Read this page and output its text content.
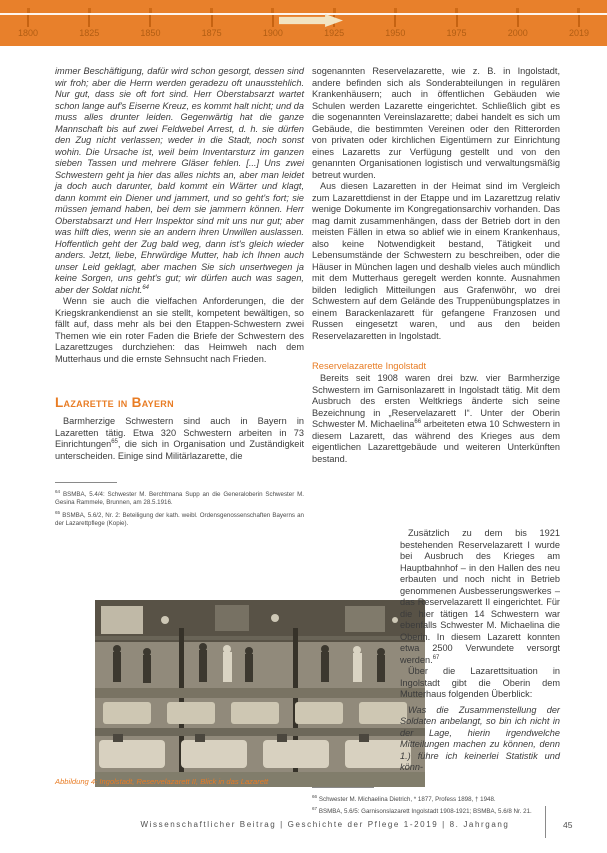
1800	1825	1850	1875	1900	1925	1950	1975	2000	2019

immer Beschäftigung, dafür wird schon gesorgt, dessen sind wir froh; aber die Herrn werden geradezu oft unausstehlich. Nur gut, dass sie oft fort sind. Herr Oberstabsarzt wartet schon lange auf's Eiserne Kreuz, es kommt halt nicht; und da muss alles drunter leiden. Gegenwärtig hat die ganze Mannschaft bis auf zwei Feldwebel Arrest, d. h. sie dürfen den Zug nicht verlassen; weder in die Stadt, noch sonst wohin. Die Ursache ist, weil beim Inventarsturz im ganzen sieben Tassen und mehrere Gläser fehlen. [...] Uns zwei Schwestern geht ja hier das alles nichts an, aber man leidet ja doch auch darunter, bald kommt ein Wärter und klagt, dann kommt ein Diener und jammert, und so geht's fort; sie müssen jemand haben, bei dem sie jammern können. Herr Oberstabsarzt und Herr Inspektor sind mit uns nur gut; aber was hilft dies, wenn sie an andern ihren Unwillen auslassen. Hoffentlich geht der Zug bald weg, dann ist's gleich wieder anders. Jetzt, liebe, Ehrwürdige Mutter, hab ich Ihnen auch unser Leid geklagt, aber machen Sie sich unsertwegen ja keine Sorgen, uns geht's gut; wir dürfen auch was sagen, aber der Soldat nicht.$^{64}$

Wenn sie auch die vielfachen Anforderungen, die der Kriegskrankendienst an sie stellt, kompetent bewältigen, so fällt auf, dass mehr als bei den Etappen-Schwestern zwei Themen wie ein roter Faden die Briefe der Schwestern des Lazarettzuges durchziehen: das Heimweh nach dem Mutterhaus und die ernste Sehnsucht nach Frieden.

Lazarette in Bayern

Barmherzige Schwestern sind auch in Bayern in Lazaretten tätig. Etwa 320 Schwestern arbeiten in 73 Einrichtungen$^{65}$, die sich in Organisation und Zuständigkeit unterscheiden. Einige sind Militärlazarette, die

$^{64}$ BSMBA, 5.4/4: Schwester M. Berchtmana Supp an die Generaloberin Schwester M. Gesina Rammele, Brunnen, am 28.5.1916.

$^{65}$ BSMBA, 5.6/2, Nr. 2: Beteiligung der kath. weibl. Ordensgenossenschaften Bayerns an der Lazarettpflege (Kopie).

Abbildung 4: Ingolstadt, Reservelazarett II, Blick in das Lazarett

sogenannten Reservelazarette, wie z. B. in Ingolstadt, andere befinden sich als Sonderabteilungen in regulären Krankenhäusern; auch in öffentlichen Gebäuden wie Schulen werden Lazarette eingerichtet. Schließlich gibt es die sogenannten Vereinslazarette; dabei handelt es sich um Gebäude, die bestimmten Vereinen oder den Ritterorden von privaten oder kirchlichen Eigentümern zur Einrichtung eines Lazaretts zur Verfügung gestellt und von den genannten Organisationen logistisch und verwaltungsmäßig betreut wurden.

Aus diesen Lazaretten in der Heimat sind im Vergleich zum Lazarettdienst in der Etappe und im Lazarettzug relativ wenige Dokumente im Kongregationsarchiv vorhanden. Das mag damit zusammenhängen, dass der Betrieb dort in den meisten Fällen in etwa so ablief wie in einem Krankenhaus, also keine Notwendigkeit bestand, Tätigkeit und Lebensumstände der Schwestern zu beschreiben, oder die Häuser in München lagen und deshalb vieles auch mündlich mit dem Mutterhaus geregelt werden konnte. Ausnahmen bilden lediglich Mitteilungen aus Grafenwöhr, wo drei Schwestern auf dem Gelände des Truppenübungsplatzes in einem Barackenlazarett für gefangene Franzosen und Russen eingesetzt waren, und aus den beiden Reservelazaretten in Ingolstadt.

Reservelazarette Ingolstadt

Bereits seit 1908 waren drei bzw. vier Barmherzige Schwestern im Garnisonlazarett in Ingolstadt tätig. Mit dem Ausbruch des ersten Weltkriegs änderte sich seine Bezeichnung in „Reservelazarett I“. Unter der Oberin Schwester M. Michaelina$^{66}$ arbeiteten etwa 10 Schwestern in diesem Lazarett, das während des Krieges aus dem eigentlichen Lazarettgebäude und weiteren Unterkünften bestand.

Zusätzlich zu dem bis 1921 bestehenden Reservelazarett I wurde bei Ausbruch des Krieges am Hauptbahnhof – in den Hallen des neu erbauten und noch nicht in Betrieb genommenen Ausbesserungswerkes – das Reservelazarett II eingerichtet. Für die hier tätigen 14 Schwestern war ebenfalls Schwester M. Michaelina die Oberin. In diesem Lazarett konnten etwa 2500 Verwundete versorgt werden.$^{67}$

Über die Lazarettsituation in Ingolstadt gibt die Oberin dem Mutterhaus folgenden Überblick:

Was die Zusammenstellung der Soldaten anbelangt, so bin ich nicht in der Lage, hierin irgendwelche Mitteilungen machen zu können, denn 1.) führe ich keinerlei Statistik und könn-

$^{66}$ Schwester M. Michaelina Dietrich, * 1877, Profess 1898, † 1948.

$^{67}$ BSMBA, 5.6/5: Garnisonslazarett Ingolstadt 1908-1921; BSMBA, 5.6/8 Nr. 21.

Wissenschaftlicher Beitrag | Geschichte der Pflege 1-2019 | 8. Jahrgang	45
